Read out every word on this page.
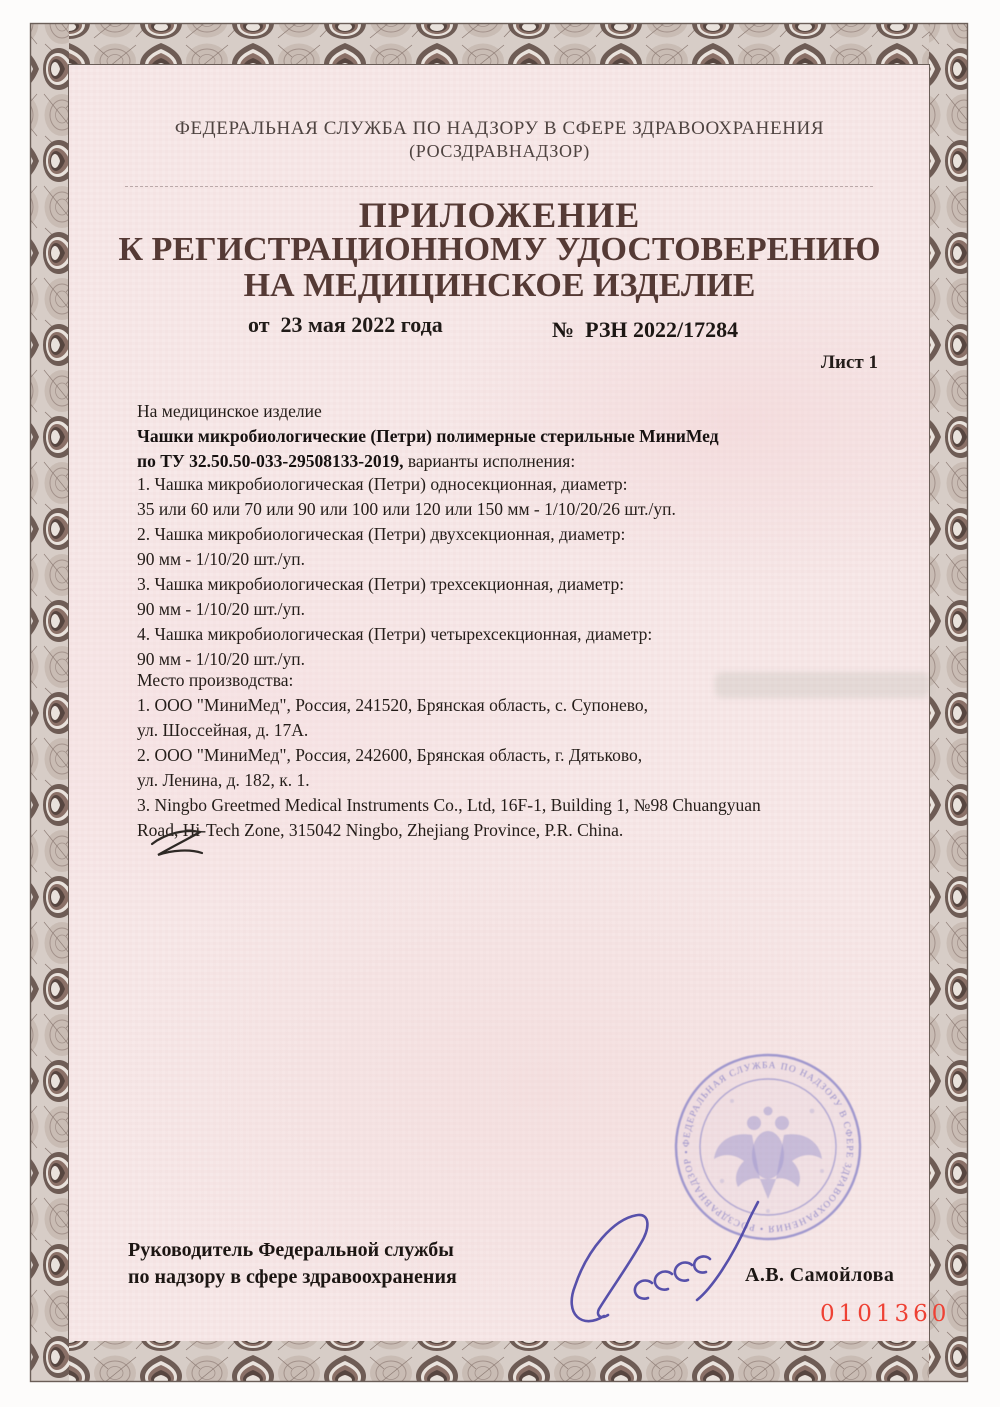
ФЕДЕРАЛЬНАЯ СЛУЖБА ПО НАДЗОРУ В СФЕРЕ ЗДРАВООХРАНЕНИЯ
(РОСЗДРАВНАДЗОР)
ПРИЛОЖЕНИЕ
К РЕГИСТРАЦИОННОМУ УДОСТОВЕРЕНИЮ
НА МЕДИЦИНСКОЕ ИЗДЕЛИЕ
от  23 мая 2022 года	№  РЗН 2022/17284
Лист 1
На медицинское изделие
Чашки микробиологические (Петри) полимерные стерильные МиниМед
по ТУ 32.50.50-033-29508133-2019, варианты исполнения:
1. Чашка микробиологическая (Петри) односекционная, диаметр:
35 или 60 или 70 или 90 или 100 или 120 или 150 мм - 1/10/20/26 шт./уп.
2. Чашка микробиологическая (Петри) двухсекционная, диаметр:
90 мм - 1/10/20 шт./уп.
3. Чашка микробиологическая (Петри) трехсекционная, диаметр:
90 мм - 1/10/20 шт./уп.
4. Чашка микробиологическая (Петри) четырехсекционная, диаметр:
90 мм - 1/10/20 шт./уп.
Место производства:
1. ООО "МиниМед", Россия, 241520, Брянская область, с. Супонево,
ул. Шоссейная, д. 17А.
2. ООО "МиниМед", Россия, 242600, Брянская область, г. Дятьково,
ул. Ленина, д. 182, к. 1.
3. Ningbo Greetmed Medical Instruments Co., Ltd, 16F-1, Building 1, №98 Chuangyuan
Road, Hi-Tech Zone, 315042 Ningbo, Zhejiang Province, P.R. China.
ФЕДЕРАЛЬНАЯ СЛУЖБА ПО НАДЗОРУ В СФЕРЕ ЗДРАВООХРАНЕНИЯ • РОСЗДРАВНАДЗОР •
Руководитель Федеральной службы
по надзору в сфере здравоохранения	А.В. Самойлова
0101360
